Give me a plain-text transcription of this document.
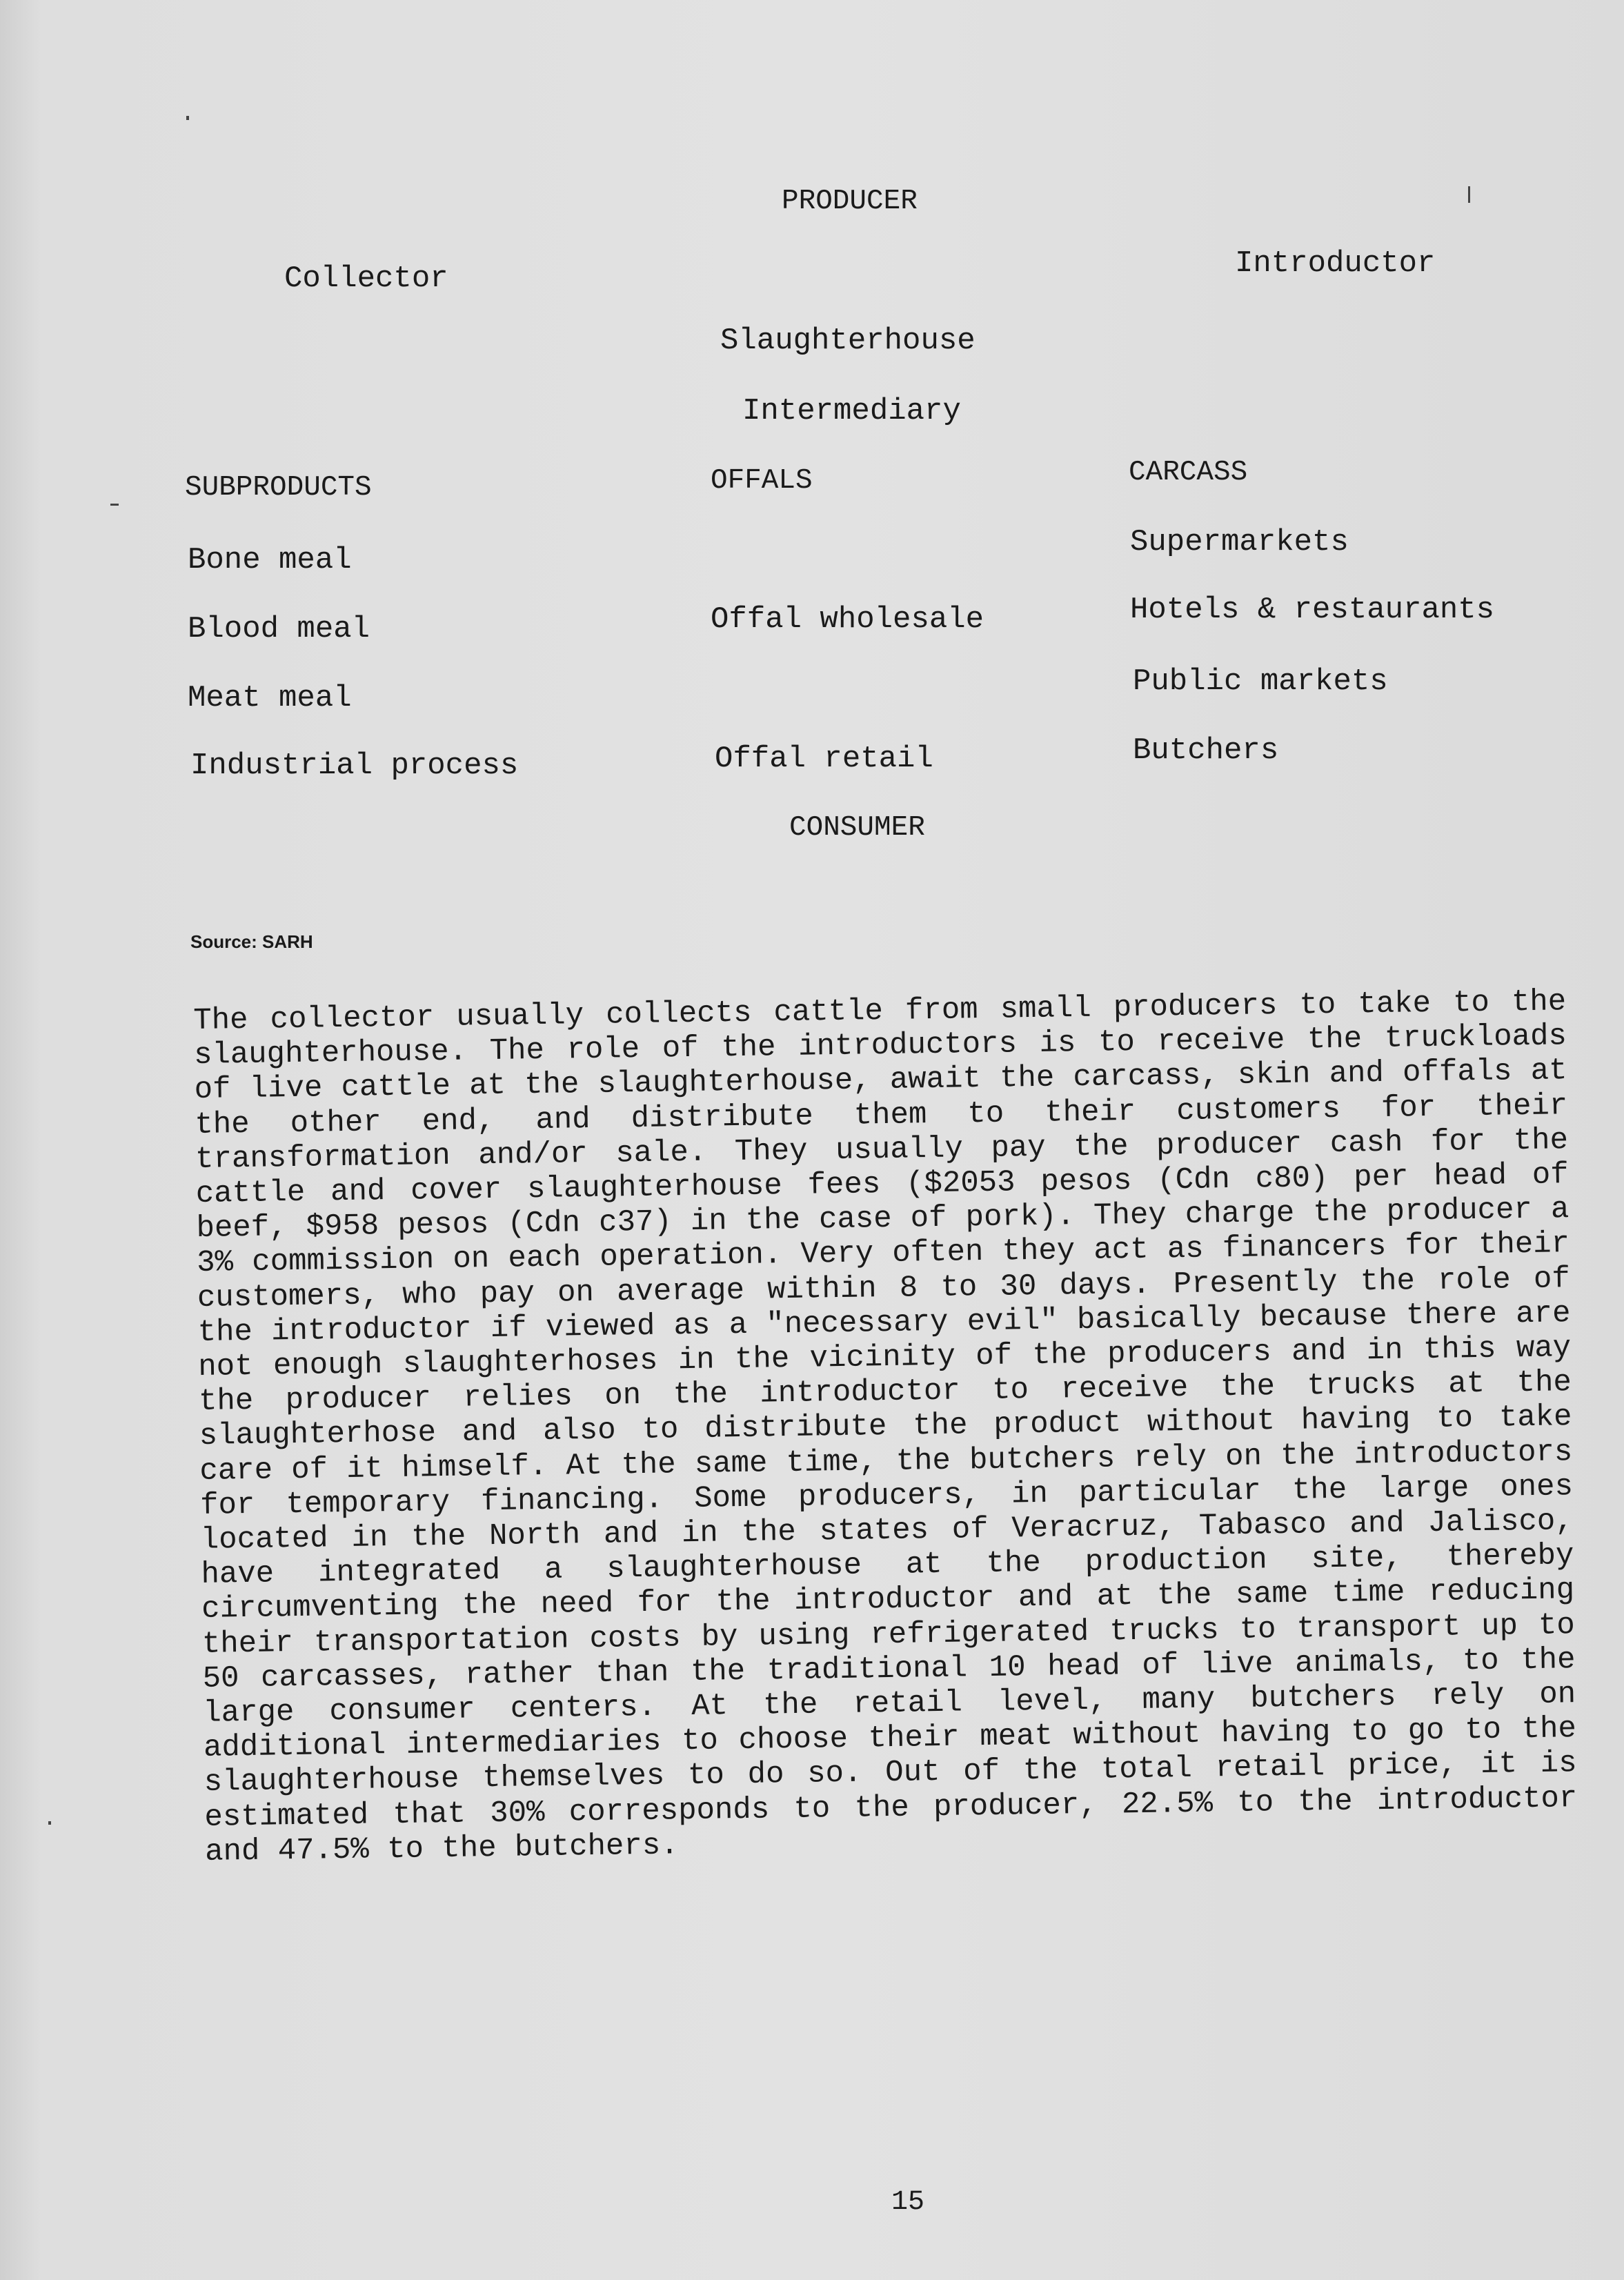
PRODUCER
Collector	Introductor
Slaughterhouse
Intermediary
SUBPRODUCTS	OFFALS	CARCASS
Bone meal
Blood meal
Meat meal
Industrial process
Offal wholesale
Offal retail
Supermarkets
Hotels & restaurants
Public markets
Butchers
CONSUMER
Source: SARH
The collector usually collects cattle from small producers to take to the slaughterhouse. The role of the introductors is to receive the truckloads of live cattle at the slaughterhouse, await the carcass, skin and offals at the other end, and distribute them to their customers for their transformation and/or sale. They usually pay the producer cash for the cattle and cover slaughterhouse fees ($2053 pesos (Cdn c80) per head of beef, $958 pesos (Cdn c37) in the case of pork). They charge the producer a 3% commission on each operation. Very often they act as financers for their customers, who pay on average within 8 to 30 days. Presently the role of the introductor if viewed as a "necessary evil" basically because there are not enough slaughterhoses in the vicinity of the producers and in this way the producer relies on the introductor to receive the trucks at the slaughterhose and also to distribute the product without having to take care of it himself. At the same time, the butchers rely on the introductors for temporary financing. Some producers, in particular the large ones located in the North and in the states of Veracruz, Tabasco and Jalisco, have integrated a slaughterhouse at the production site, thereby circumventing the need for the introductor and at the same time reducing their transportation costs by using refrigerated trucks to transport up to 50 carcasses, rather than the traditional 10 head of live animals, to the large consumer centers. At the retail level, many butchers rely on additional intermediaries to choose their meat without having to go to the slaughterhouse themselves to do so. Out of the total retail price, it is estimated that 30% corresponds to the producer, 22.5% to the introductor and 47.5% to the butchers.
15
